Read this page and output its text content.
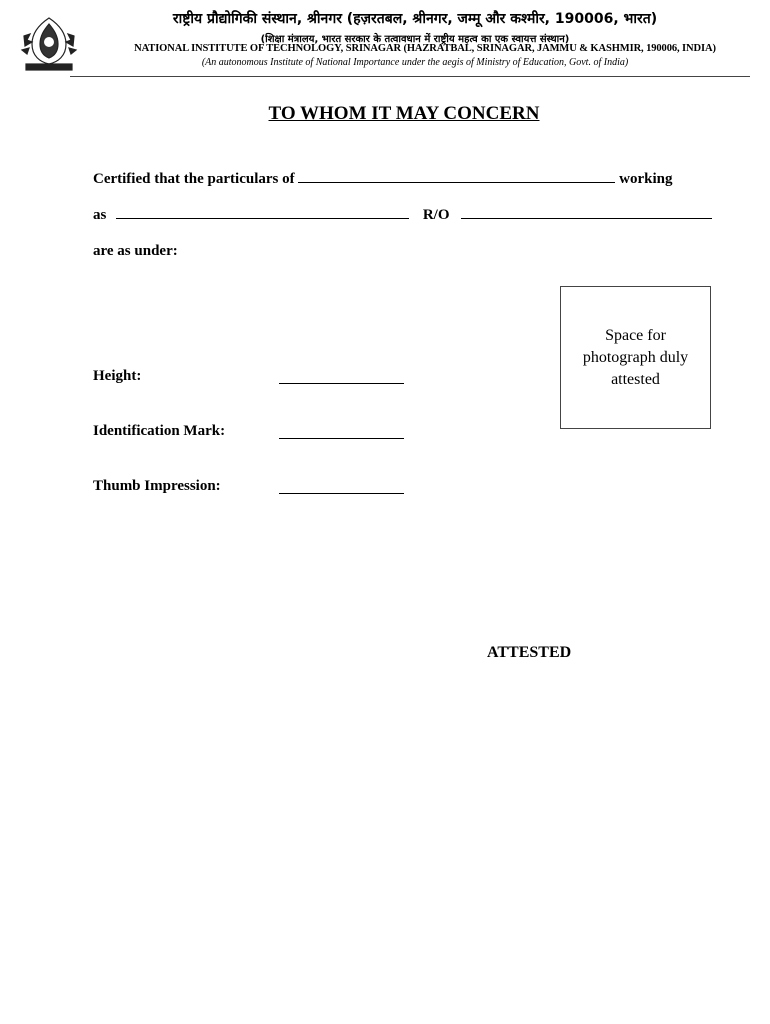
राष्ट्रीय प्रौद्योगिकी संस्थान, श्रीनगर (हज़रतबल, श्रीनगर, जम्मू और कश्मीर, 190006, भारत)
(शिक्षा मंत्रालय, भारत सरकार के तत्वावधान में राष्ट्रीय महत्व का एक स्वायत्त संस्थान)
NATIONAL INSTITUTE OF TECHNOLOGY, SRINAGAR (HAZRATBAL, SRINAGAR, JAMMU & KASHMIR, 190006, INDIA)
(An autonomous Institute of National Importance under the aegis of Ministry of Education, Govt. of India)
TO WHOM IT MAY CONCERN
Certified that the particulars of	working
as	R/O
are as under:
Height:
Identification Mark:
Thumb Impression:
Space for photograph duly attested
ATTESTED
